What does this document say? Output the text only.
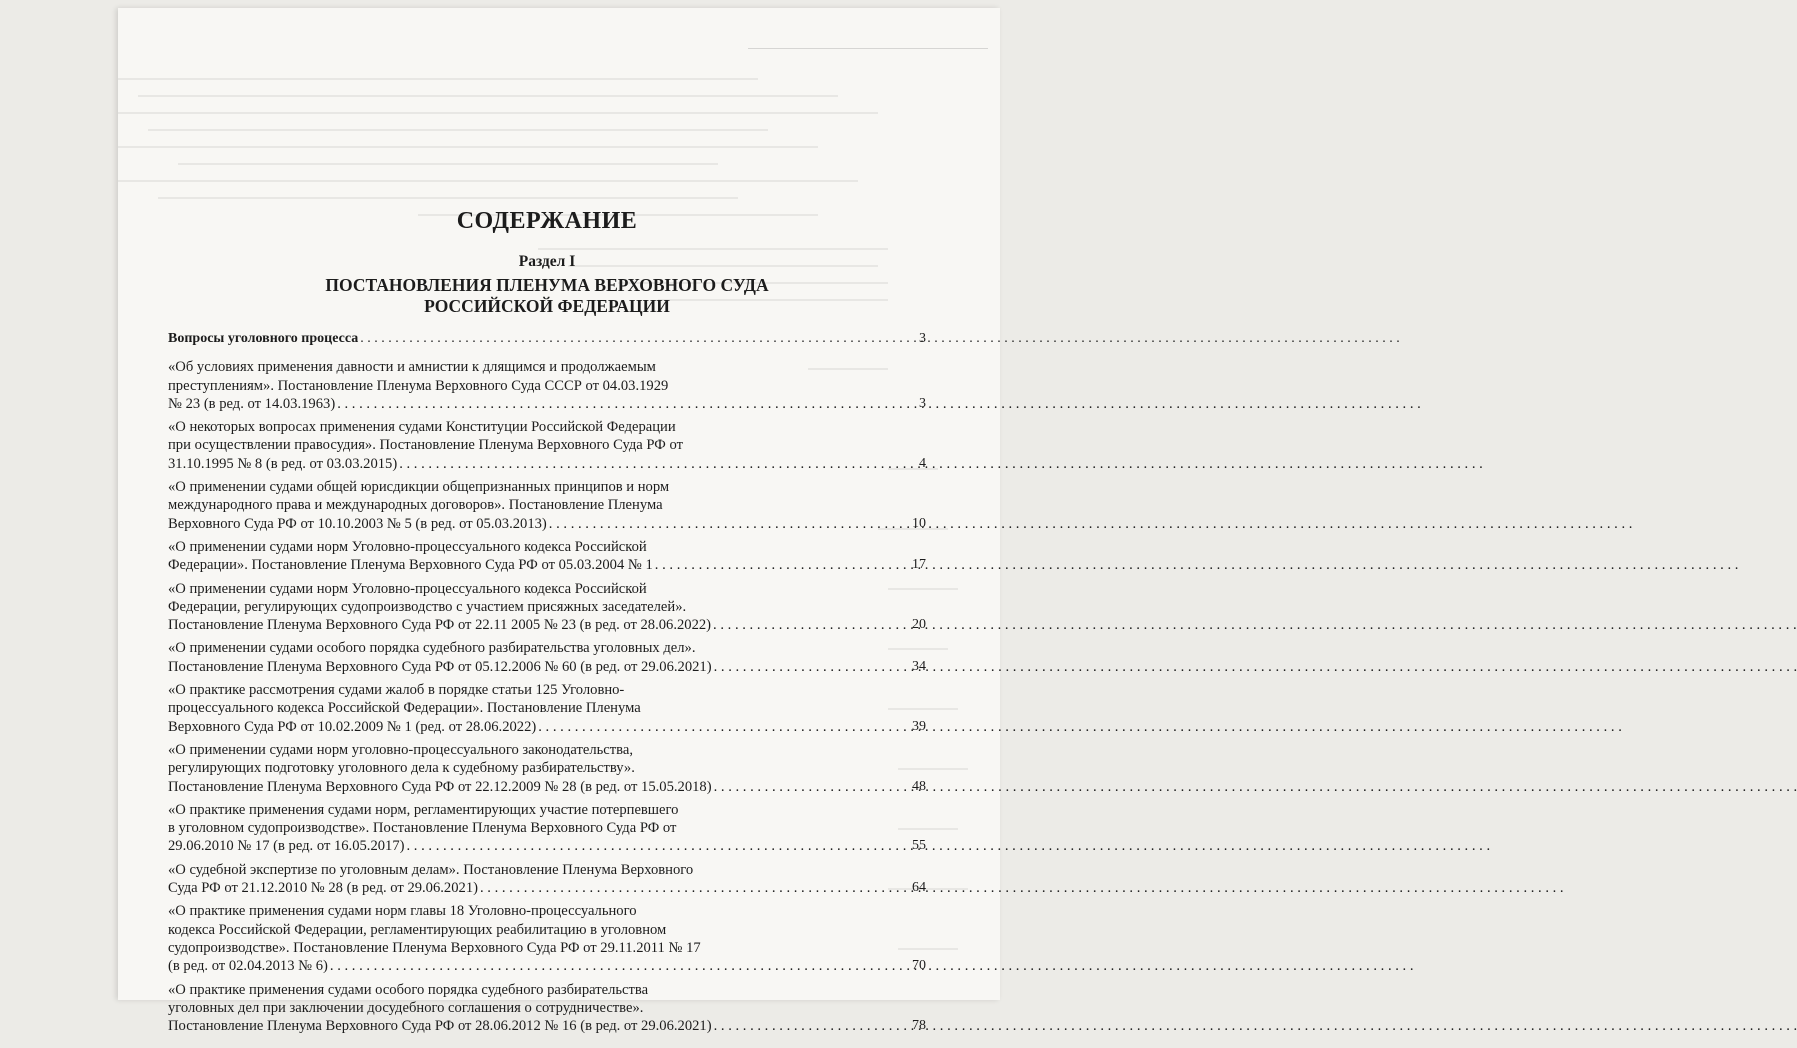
СОДЕРЖАНИЕ
Раздел I
ПОСТАНОВЛЕНИЯ ПЛЕНУМА ВЕРХОВНОГО СУДА РОССИЙСКОЙ ФЕДЕРАЦИИ
Вопросы уголовного процесса . . .	3
«Об условиях применения давности и амнистии к длящимся и продолжаемым
преступлениям». Постановление Пленума Верховного Суда СССР от 04.03.1929
№ 23 (в ред. от 14.03.1963) . . .	3
«О некоторых вопросах применения судами Конституции Российской Федерации
при осуществлении правосудия». Постановление Пленума Верховного Суда РФ от
31.10.1995 № 8 (в ред. от 03.03.2015) . . .	4
«О применении судами общей юрисдикции общепризнанных принципов и норм
международного права и международных договоров». Постановление Пленума
Верховного Суда РФ от 10.10.2003 № 5 (в ред. от 05.03.2013) . . .	10
«О применении судами норм Уголовно-процессуального кодекса Российской
Федерации». Постановление Пленума Верховного Суда РФ от 05.03.2004 № 1 . . .	17
«О применении судами норм Уголовно-процессуального кодекса Российской
Федерации, регулирующих судопроизводство с участием присяжных заседателей».
Постановление Пленума Верховного Суда РФ от 22.11 2005 № 23 (в ред. от 28.06.2022) . . .	20
«О применении судами особого порядка судебного разбирательства уголовных дел».
Постановление Пленума Верховного Суда РФ от 05.12.2006 № 60 (в ред. от 29.06.2021) . . .	34
«О практике рассмотрения судами жалоб в порядке статьи 125 Уголовно-
процессуального кодекса Российской Федерации». Постановление Пленума
Верховного Суда РФ от 10.02.2009 № 1 (ред. от 28.06.2022) . . .	39
«О применении судами норм уголовно-процессуального законодательства,
регулирующих подготовку уголовного дела к судебному разбирательству».
Постановление Пленума Верховного Суда РФ от 22.12.2009 № 28 (в ред. от 15.05.2018) . . .	48
«О практике применения судами норм, регламентирующих участие потерпевшего
в уголовном судопроизводстве». Постановление Пленума Верховного Суда РФ от
29.06.2010 № 17 (в ред. от 16.05.2017) . . .	55
«О судебной экспертизе по уголовным делам». Постановление Пленума Верховного
Суда РФ от 21.12.2010 № 28 (в ред. от 29.06.2021) . . .	64
«О практике применения судами норм главы 18 Уголовно-процессуального
кодекса Российской Федерации, регламентирующих реабилитацию в уголовном
судопроизводстве». Постановление Пленума Верховного Суда РФ от 29.11.2011 № 17
(в ред. от 02.04.2013 № 6) . . .	70
«О практике применения судами особого порядка судебного разбирательства
уголовных дел при заключении досудебного соглашения о сотрудничестве».
Постановление Пленума Верховного Суда РФ от 28.06.2012 № 16 (в ред. от 29.06.2021) . . .	78
